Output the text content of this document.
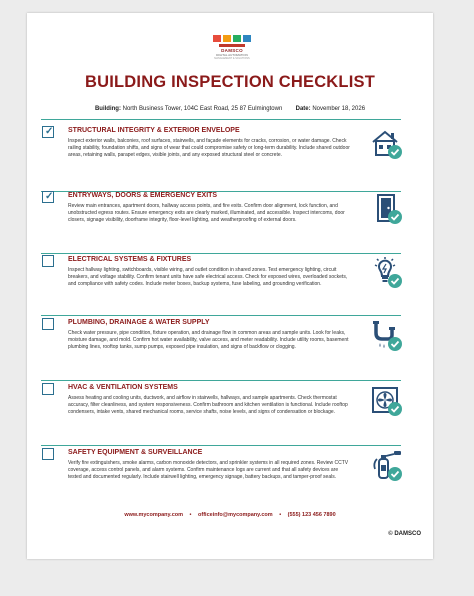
DAMSCO
DIGITAL AUTOMATION
MANAGEMENT & SOLUTIONS
BUILDING INSPECTION CHECKLIST
Building: North Business Tower, 104C East Road, 25 87 Eulmingtown Date: November 18, 2026
✓ STRUCTURAL INTEGRITY & EXTERIOR ENVELOPE
Inspect exterior walls, balconies, roof surfaces, stairwells, and façade elements for cracks, corrosion, or water damage. Check railing stability, foundation shifts, and signs of wear that could compromise safety or long-term durability. Include shared outdoor areas, retaining walls, parapet edges, visible joints, and any exposed structural steel or concrete.
✓ ENTRYWAYS, DOORS & EMERGENCY EXITS
Review main entrances, apartment doors, hallway access points, and fire exits. Confirm door alignment, lock function, and unobstructed egress routes. Ensure emergency exits are clearly marked, illuminated, and accessible. Inspect intercoms, door closers, signage visibility, doorframe integrity, floor-level lighting, and weatherproofing of external doors.
ELECTRICAL SYSTEMS & FIXTURES
Inspect hallway lighting, switchboards, visible wiring, and outlet condition in shared zones. Test emergency lighting, circuit breakers, and voltage stability. Confirm tenant units have safe electrical access. Check for exposed wires, overloaded sockets, and compliance with safety codes. Include meter boxes, backup systems, fuse labeling, and grounding verification.
PLUMBING, DRAINAGE & WATER SUPPLY
Check water pressure, pipe condition, fixture operation, and drainage flow in common areas and sample units. Look for leaks, moisture damage, and mold. Confirm hot water availability, valve access, and meter readability. Include utility rooms, basement plumbing lines, rooftop tanks, sump pumps, exposed pipe insulation, and signs of backflow or clogging.
HVAC & VENTILATION SYSTEMS
Assess heating and cooling units, ductwork, and airflow in stairwells, hallways, and sample apartments. Check thermostat accuracy, filter cleanliness, and system responsiveness. Confirm bathroom and kitchen ventilation is functional. Include rooftop condensers, intake vents, shared mechanical rooms, service shafts, noise levels, and signs of condensation or blockage.
SAFETY EQUIPMENT & SURVEILLANCE
Verify fire extinguishers, smoke alarms, carbon monoxide detectors, and sprinkler systems in all required zones. Review CCTV coverage, access control panels, and alarm systems. Confirm maintenance logs are current and that all safety devices are tested and documented regularly. Include stairwell lighting, emergency signage, battery backups, and tamper-proof seals.
www.mycompany.com • officeinfo@mycompany.com • (555) 123 456 7890
© DAMSCO
